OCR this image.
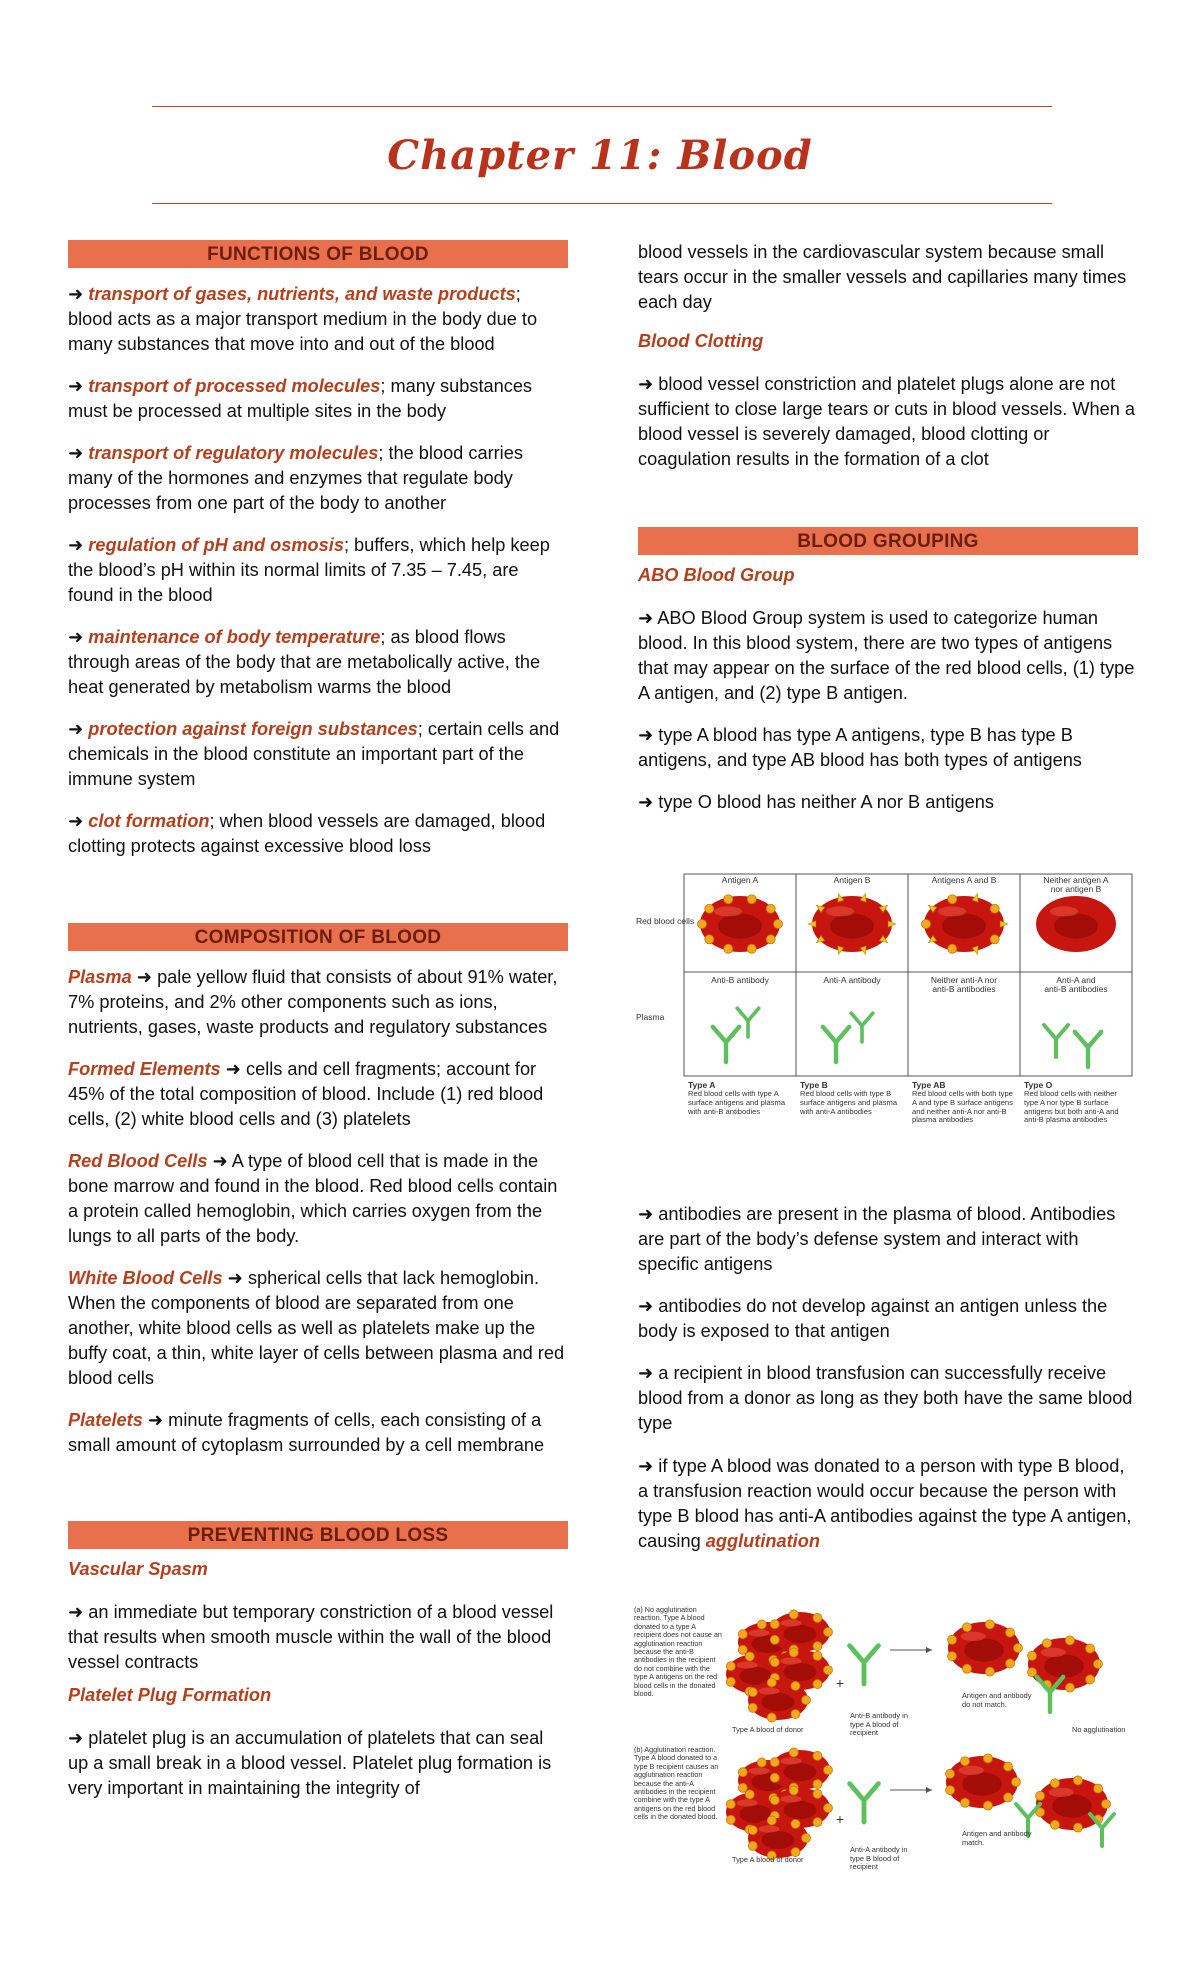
Chapter 11: Blood
FUNCTIONS OF BLOOD

➜ transport of gases, nutrients, and waste products; blood acts as a major transport medium in the body due to many substances that move into and out of the blood

➜ transport of processed molecules; many substances must be processed at multiple sites in the body

➜ transport of regulatory molecules; the blood carries many of the hormones and enzymes that regulate body processes from one part of the body to another

➜ regulation of pH and osmosis; buffers, which help keep the blood’s pH within its normal limits of 7.35 – 7.45, are found in the blood

➜ maintenance of body temperature; as blood flows through areas of the body that are metabolically active, the heat generated by metabolism warms the blood

➜ protection against foreign substances; certain cells and chemicals in the blood constitute an important part of the immune system

➜ clot formation; when blood vessels are damaged, blood clotting protects against excessive blood loss

COMPOSITION OF BLOOD

Plasma ➜ pale yellow fluid that consists of about 91% water, 7% proteins, and 2% other components such as ions, nutrients, gases, waste products and regulatory substances

Formed Elements ➜ cells and cell fragments; account for 45% of the total composition of blood. Include (1) red blood cells, (2) white blood cells and (3) platelets

Red Blood Cells ➜ A type of blood cell that is made in the bone marrow and found in the blood. Red blood cells contain a protein called hemoglobin, which carries oxygen from the lungs to all parts of the body.

White Blood Cells ➜ spherical cells that lack hemoglobin. When the components of blood are separated from one another, white blood cells as well as platelets make up the buffy coat, a thin, white layer of cells between plasma and red blood cells

Platelets ➜ minute fragments of cells, each consisting of a small amount of cytoplasm surrounded by a cell membrane

PREVENTING BLOOD LOSS

Vascular Spasm

➜ an immediate but temporary constriction of a blood vessel that results when smooth muscle within the wall of the blood vessel contracts

Platelet Plug Formation

➜ platelet plug is an accumulation of platelets that can seal up a small break in a blood vessel. Platelet plug formation is very important in maintaining the integrity of

blood vessels in the cardiovascular system because small tears occur in the smaller vessels and capillaries many times each day

Blood Clotting

➜ blood vessel constriction and platelet plugs alone are not sufficient to close large tears or cuts in blood vessels. When a blood vessel is severely damaged, blood clotting or coagulation results in the formation of a clot

BLOOD GROUPING

ABO Blood Group

➜ ABO Blood Group system is used to categorize human blood. In this blood system, there are two types of antigens that may appear on the surface of the red blood cells, (1) type A antigen, and (2) type B antigen.

➜ type A blood has type A antigens, type B has type B antigens, and type AB blood has both types of antigens

➜ type O blood has neither A nor B antigens

Red blood cells
Plasma
Antigen A	Antigen B	Antigens A and B	Neither antigen A
nor antigen B
Anti-B antibody	Anti-A antibody	Neither anti-A nor
anti-B antibodies
Anti-A and
anti-B antibodies
Type A
Red blood cells with type A surface antigens and plasma with anti-B antibodies
Type B
Red blood cells with type B surface antigens and plasma with anti-A antibodies
Type AB
Red blood cells with both type A and type B surface antigens and neither anti-A nor anti-B plasma antibodies
Type O
Red blood cells with neither type A nor type B surface antigens but both anti-A and anti-B plasma antibodies

➜ antibodies are present in the plasma of blood. Antibodies are part of the body’s defense system and interact with specific antigens

➜ antibodies do not develop against an antigen unless the body is exposed to that antigen

➜ a recipient in blood transfusion can successfully receive blood from a donor as long as they both have the same blood type

➜ if type A blood was donated to a person with type B blood, a transfusion reaction would occur because the person with type B blood has anti-A antibodies against the type A antigen, causing agglutination

(a) No agglutination reaction. Type A blood donated to a type A recipient does not cause an agglutination reaction because the anti-B antibodies in the recipient do not combine with the type A antigens on the red blood cells in the donated blood.
(b) Agglutination reaction. Type A blood donated to a type B recipient causes an agglutination reaction because the anti-A antibodies in the recipient combine with the type A antigens on the red blood cells in the donated blood.
+
Type A blood of donor
Anti-B antibody in type A blood of recipient
Antigen and antibody do not match.
No agglutination
+
Type A blood of donor
Anti-A antibody in type B blood of recipient
Antigen and antibody match.
